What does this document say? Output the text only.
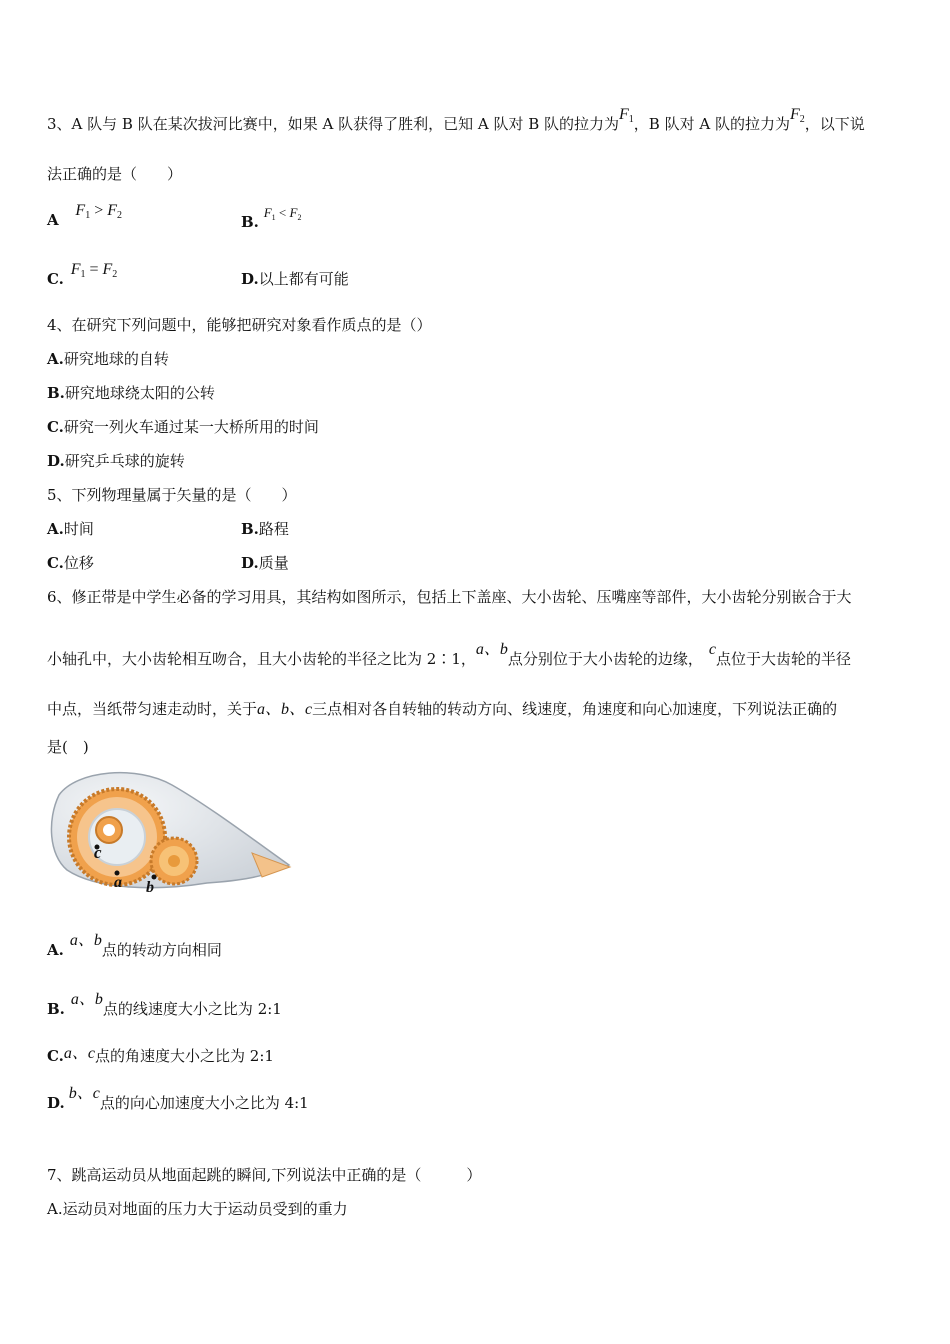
3、A 队与 B 队在某次拔河比赛中，如果 A 队获得了胜利，已知 A 队对 B 队的拉力为$F_1$，B 队对 A 队的拉力为$F_2$，以下说
法正确的是（　　）
A $F_1 > F_2$	B. $F_1 < F_2$
C. $F_1 = F_2$	D.以上都有可能
4、在研究下列问题中，能够把研究对象看作质点的是（）
A.研究地球的自转
B.研究地球绕太阳的公转
C.研究一列火车通过某一大桥所用的时间
D.研究乒乓球的旋转
5、下列物理量属于矢量的是（　　）
A.时间	B.路程
C.位移	D.质量
6、修正带是中学生必备的学习用具，其结构如图所示，包括上下盖座、大小齿轮、压嘴座等部件，大小齿轮分别嵌合于大
小轴孔中，大小齿轮相互吻合，且大小齿轮的半径之比为 2∶1，a、b点分别位于大小齿轮的边缘，c点位于大齿轮的半径
中点，当纸带匀速走动时，关于a、b、c三点相对各自转轴的转动方向、线速度，角速度和向心加速度，下列说法正确的
是(　)
c
a b
A.a、b点的转动方向相同
B.a、b点的线速度大小之比为 2:1
C.a、c点的角速度大小之比为 2:1
D.b、c点的向心加速度大小之比为 4:1
7、跳高运动员从地面起跳的瞬间,下列说法中正确的是（　　　）
A.运动员对地面的压力大于运动员受到的重力
